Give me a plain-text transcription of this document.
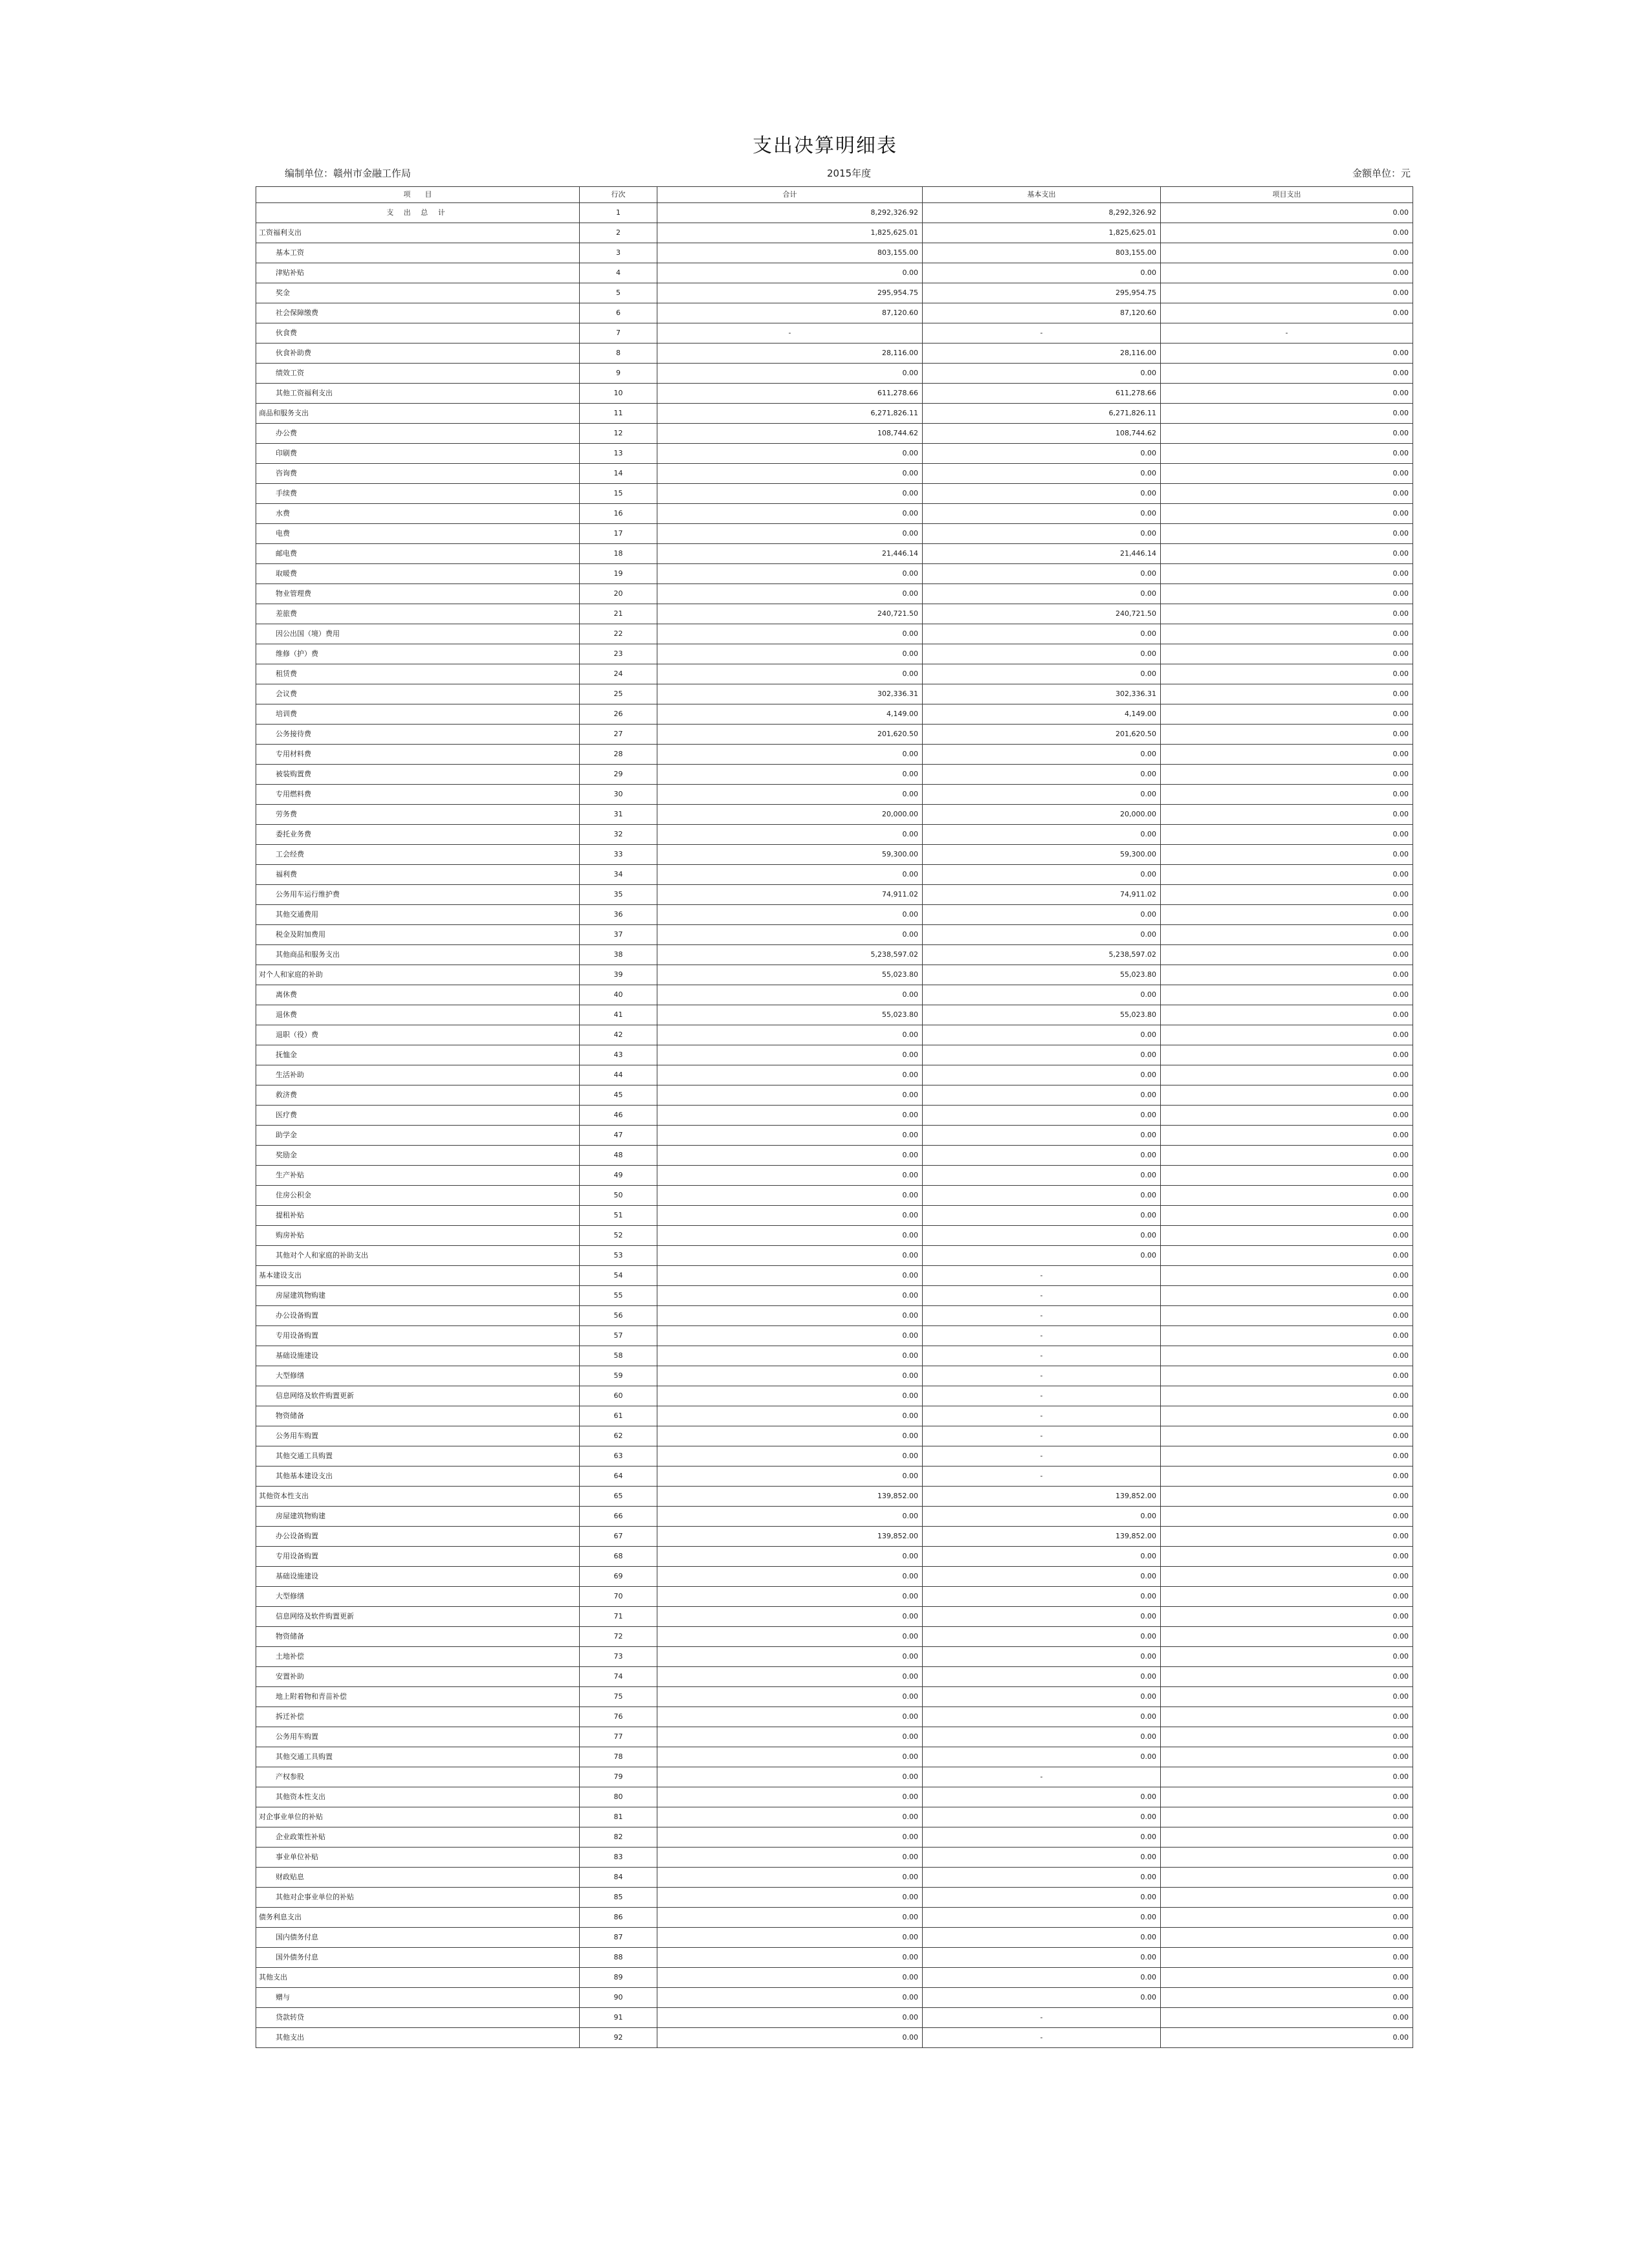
支出决算明细表
编制单位：赣州市金融工作局	2015年度	金额单位：元
项　　目	行次	合计	基本支出	项目支出
支 出 总 计	1	8,292,326.92	8,292,326.92	0.00
工资福利支出	2	1,825,625.01	1,825,625.01	0.00
基本工资	3	803,155.00	803,155.00	0.00
津贴补贴	4	0.00	0.00	0.00
奖金	5	295,954.75	295,954.75	0.00
社会保障缴费	6	87,120.60	87,120.60	0.00
伙食费	7	-	-	-
伙食补助费	8	28,116.00	28,116.00	0.00
绩效工资	9	0.00	0.00	0.00
其他工资福利支出	10	611,278.66	611,278.66	0.00
商品和服务支出	11	6,271,826.11	6,271,826.11	0.00
办公费	12	108,744.62	108,744.62	0.00
印刷费	13	0.00	0.00	0.00
咨询费	14	0.00	0.00	0.00
手续费	15	0.00	0.00	0.00
水费	16	0.00	0.00	0.00
电费	17	0.00	0.00	0.00
邮电费	18	21,446.14	21,446.14	0.00
取暖费	19	0.00	0.00	0.00
物业管理费	20	0.00	0.00	0.00
差旅费	21	240,721.50	240,721.50	0.00
因公出国（境）费用	22	0.00	0.00	0.00
维修（护）费	23	0.00	0.00	0.00
租赁费	24	0.00	0.00	0.00
会议费	25	302,336.31	302,336.31	0.00
培训费	26	4,149.00	4,149.00	0.00
公务接待费	27	201,620.50	201,620.50	0.00
专用材料费	28	0.00	0.00	0.00
被装购置费	29	0.00	0.00	0.00
专用燃料费	30	0.00	0.00	0.00
劳务费	31	20,000.00	20,000.00	0.00
委托业务费	32	0.00	0.00	0.00
工会经费	33	59,300.00	59,300.00	0.00
福利费	34	0.00	0.00	0.00
公务用车运行维护费	35	74,911.02	74,911.02	0.00
其他交通费用	36	0.00	0.00	0.00
税金及附加费用	37	0.00	0.00	0.00
其他商品和服务支出	38	5,238,597.02	5,238,597.02	0.00
对个人和家庭的补助	39	55,023.80	55,023.80	0.00
离休费	40	0.00	0.00	0.00
退休费	41	55,023.80	55,023.80	0.00
退职（役）费	42	0.00	0.00	0.00
抚恤金	43	0.00	0.00	0.00
生活补助	44	0.00	0.00	0.00
救济费	45	0.00	0.00	0.00
医疗费	46	0.00	0.00	0.00
助学金	47	0.00	0.00	0.00
奖励金	48	0.00	0.00	0.00
生产补贴	49	0.00	0.00	0.00
住房公积金	50	0.00	0.00	0.00
提租补贴	51	0.00	0.00	0.00
购房补贴	52	0.00	0.00	0.00
其他对个人和家庭的补助支出	53	0.00	0.00	0.00
基本建设支出	54	0.00	-	0.00
房屋建筑物购建	55	0.00	-	0.00
办公设备购置	56	0.00	-	0.00
专用设备购置	57	0.00	-	0.00
基础设施建设	58	0.00	-	0.00
大型修缮	59	0.00	-	0.00
信息网络及软件购置更新	60	0.00	-	0.00
物资储备	61	0.00	-	0.00
公务用车购置	62	0.00	-	0.00
其他交通工具购置	63	0.00	-	0.00
其他基本建设支出	64	0.00	-	0.00
其他资本性支出	65	139,852.00	139,852.00	0.00
房屋建筑物购建	66	0.00	0.00	0.00
办公设备购置	67	139,852.00	139,852.00	0.00
专用设备购置	68	0.00	0.00	0.00
基础设施建设	69	0.00	0.00	0.00
大型修缮	70	0.00	0.00	0.00
信息网络及软件购置更新	71	0.00	0.00	0.00
物资储备	72	0.00	0.00	0.00
土地补偿	73	0.00	0.00	0.00
安置补助	74	0.00	0.00	0.00
地上附着物和青苗补偿	75	0.00	0.00	0.00
拆迁补偿	76	0.00	0.00	0.00
公务用车购置	77	0.00	0.00	0.00
其他交通工具购置	78	0.00	0.00	0.00
产权参股	79	0.00	-	0.00
其他资本性支出	80	0.00	0.00	0.00
对企事业单位的补贴	81	0.00	0.00	0.00
企业政策性补贴	82	0.00	0.00	0.00
事业单位补贴	83	0.00	0.00	0.00
财政贴息	84	0.00	0.00	0.00
其他对企事业单位的补贴	85	0.00	0.00	0.00
债务利息支出	86	0.00	0.00	0.00
国内债务付息	87	0.00	0.00	0.00
国外债务付息	88	0.00	0.00	0.00
其他支出	89	0.00	0.00	0.00
赠与	90	0.00	0.00	0.00
贷款转贷	91	0.00	-	0.00
其他支出	92	0.00	-	0.00
